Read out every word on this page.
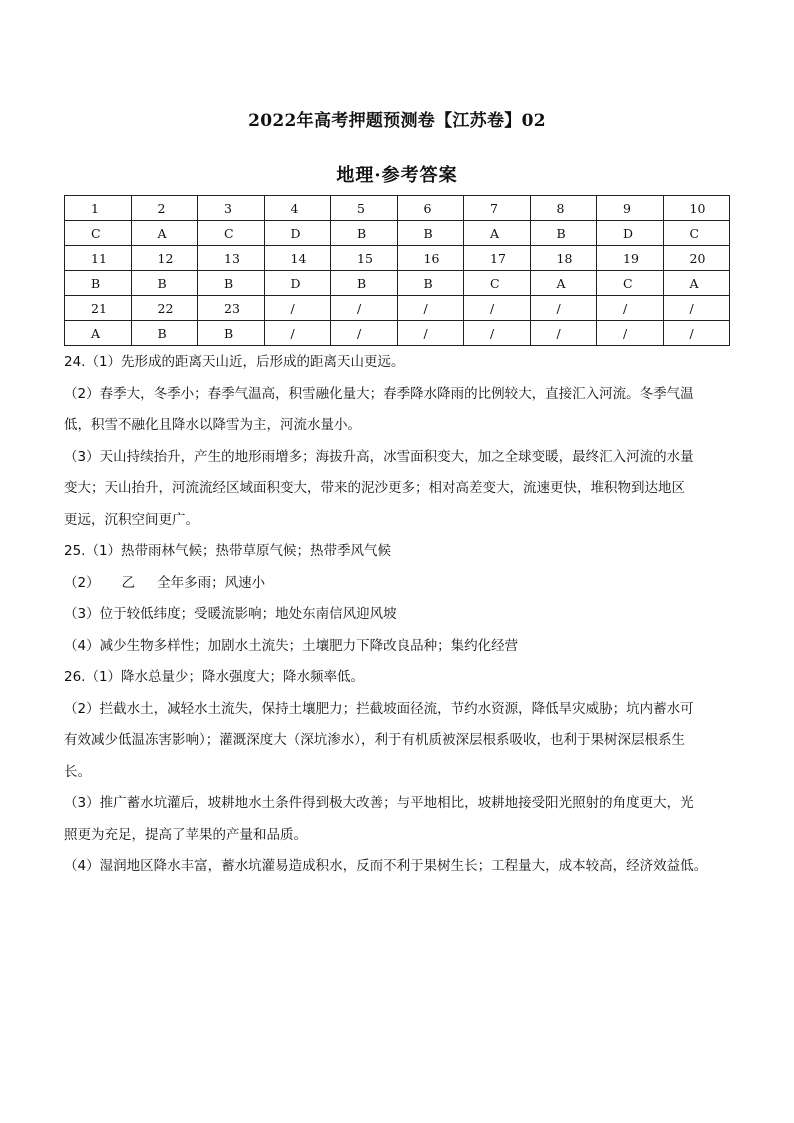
2022年高考押题预测卷【江苏卷】02
地理·参考答案
1	2	3	4	5	6	7	8	9	10
C	A	C	D	B	B	A	B	D	C
11	12	13	14	15	16	17	18	19	20
B	B	B	D	B	B	C	A	C	A
21	22	23	/	/	/	/	/	/	/
A	B	B	/	/	/	/	/	/	/

24.（1）先形成的距离天山近，后形成的距离天山更远。

（2）春季大，冬季小；春季气温高，积雪融化量大；春季降水降雨的比例较大，直接汇入河流。冬季气温

低，积雪不融化且降水以降雪为主，河流水量小。

（3）天山持续抬升，产生的地形雨增多；海拔升高，冰雪面积变大，加之全球变暖，最终汇入河流的水量

变大；天山抬升，河流流经区域面积变大，带来的泥沙更多；相对高差变大，流速更快，堆积物到达地区

更远，沉积空间更广。

25.（1）热带雨林气候；热带草原气候；热带季风气候

（2） 乙 全年多雨；风速小

（3）位于较低纬度；受暖流影响；地处东南信风迎风坡

（4）减少生物多样性；加剧水土流失；土壤肥力下降改良品种；集约化经营

26.（1）降水总量少；降水强度大；降水频率低。

（2）拦截水土，减轻水土流失，保持土壤肥力；拦截坡面径流，节约水资源，降低旱灾威胁；坑内蓄水可

有效减少低温冻害影响）；灌溉深度大（深坑渗水），利于有机质被深层根系吸收，也利于果树深层根系生

长。

（3）推广蓄水坑灌后，坡耕地水土条件得到极大改善；与平地相比，坡耕地接受阳光照射的角度更大，光

照更为充足，提高了苹果的产量和品质。

（4）湿润地区降水丰富，蓄水坑灌易造成积水，反而不利于果树生长；工程量大，成本较高，经济效益低。
